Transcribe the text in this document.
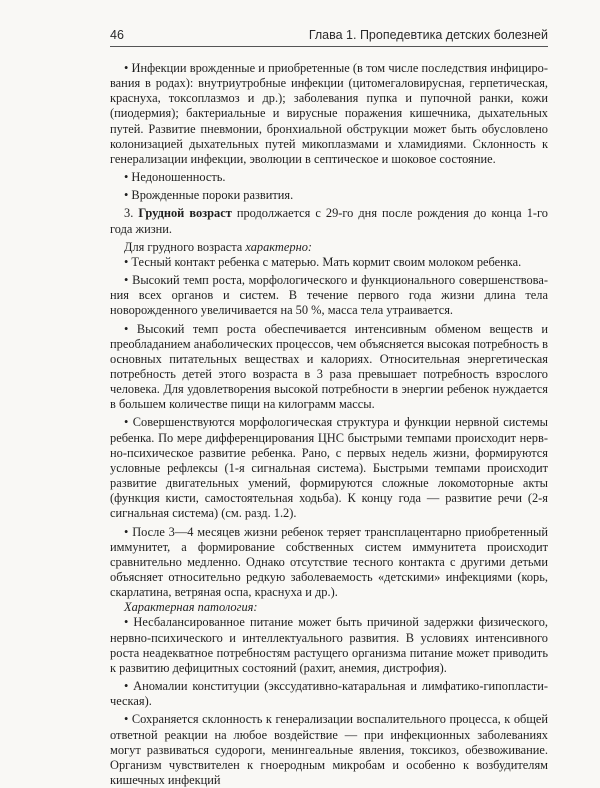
46	Глава 1. Пропедевтика детских болезней

• Инфекции врожденные и приобретенные (в том числе последствия инфицирования в родах): внутриутробные инфекции (цитомегаловирусная, герпетическая, краснуха, токсоплазмоз и др.); заболевания пупка и пупочной ранки, кожи (пиодермия); бактериальные и вирусные поражения кишечника, дыхательных путей. Развитие пневмонии, бронхиальной обструкции может быть обусловлено колонизацией дыхательных путей микоплазмами и хламидиями. Склонность к генерализации инфекции, эволюции в септическое и шоковое состояние.

• Недоношенность.

• Врожденные пороки развития.

3. Грудной возраст продолжается с 29-го дня после рождения до конца 1-го года жизни.

Для грудного возраста характерно:

• Тесный контакт ребенка с матерью. Мать кормит своим молоком ребенка.

• Высокий темп роста, морфологического и функционального совершенствования всех органов и систем. В течение первого года жизни длина тела новорожденного увеличивается на 50 %, масса тела утраивается.

• Высокий темп роста обеспечивается интенсивным обменом веществ и преобладанием анаболических процессов, чем объясняется высокая потребность в основных питательных веществах и калориях. Относительная энергетическая потребность детей этого возраста в 3 раза превышает потребность взрослого человека. Для удовлетворения высокой потребности в энергии ребенок нуждается в большем количестве пищи на килограмм массы.

• Совершенствуются морфологическая структура и функции нервной системы ребенка. По мере дифференцирования ЦНС быстрыми темпами происходит нервно-психическое развитие ребенка. Рано, с первых недель жизни, формируются условные рефлексы (1-я сигнальная система). Быстрыми темпами происходит развитие двигательных умений, формируются сложные локомоторные акты (функция кисти, самостоятельная ходьба). К концу года — развитие речи (2-я сигнальная система) (см. разд. 1.2).

• После 3—4 месяцев жизни ребенок теряет трансплацентарно приобретенный иммунитет, а формирование собственных систем иммунитета происходит сравнительно медленно. Однако отсутствие тесного контакта с другими детьми объясняет относительно редкую заболеваемость «детскими» инфекциями (корь, скарлатина, ветряная оспа, краснуха и др.).

Характерная патология:

• Несбалансированное питание может быть причиной задержки физического, нервно-психического и интеллектуального развития. В условиях интенсивного роста неадекватное потребностям растущего организма питание может приводить к развитию дефицитных состояний (рахит, анемия, дистрофия).

• Аномалии конституции (экссудативно-катаральная и лимфатико-гипопластическая).

• Сохраняется склонность к генерализации воспалительного процесса, к общей ответной реакции на любое воздействие — при инфекционных заболеваниях могут развиваться судороги, менингеальные явления, токсикоз, обезвоживание. Организм чувствителен к гноеродным микробам и особенно к возбудителям кишечных инфекций
